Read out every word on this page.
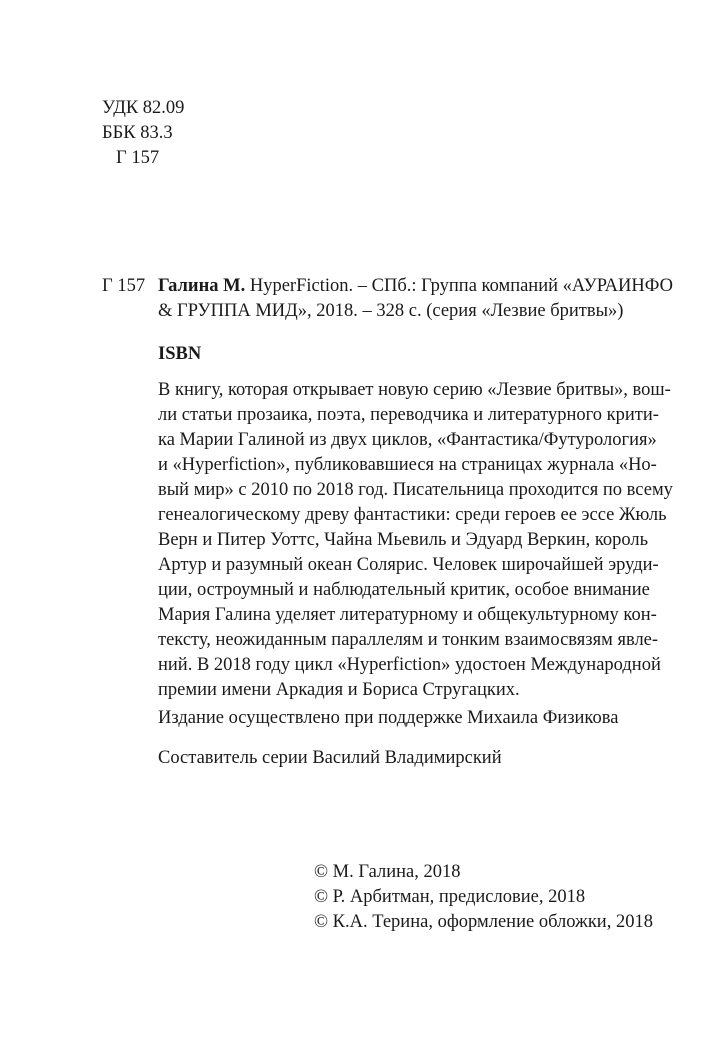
УДК 82.09
ББК 83.3
Г 157
Г 157 Галина М. HyperFiction. – СПб.: Группа компаний «АУРАИНФО
& ГРУППА МИД», 2018. – 328 с. (серия «Лезвие бритвы»)
ISBN
В книгу, которая открывает новую серию «Лезвие бритвы», вош-
ли статьи прозаика, поэта, переводчика и литературного крити-
ка Марии Галиной из двух циклов, «Фантастика/Футурология»
и «Hyperfiction», публиковавшиеся на страницах журнала «Но-
вый мир» с 2010 по 2018 год. Писательница проходится по всему
генеалогическому древу фантастики: среди героев ее эссе Жюль
Верн и Питер Уоттс, Чайна Мьевиль и Эдуард Веркин, король
Артур и разумный океан Солярис. Человек широчайшей эруди-
ции, остроумный и наблюдательный критик, особое внимание
Мария Галина уделяет литературному и общекультурному кон-
тексту, неожиданным параллелям и тонким взаимосвязям явле-
ний. В 2018 году цикл «Hyperfiction» удостоен Международной
премии имени Аркадия и Бориса Стругацких.
Издание осуществлено при поддержке Михаила Физикова
Составитель серии Василий Владимирский
© М. Галина, 2018
© Р. Арбитман, предисловие, 2018
© К.А. Терина, оформление обложки, 2018
